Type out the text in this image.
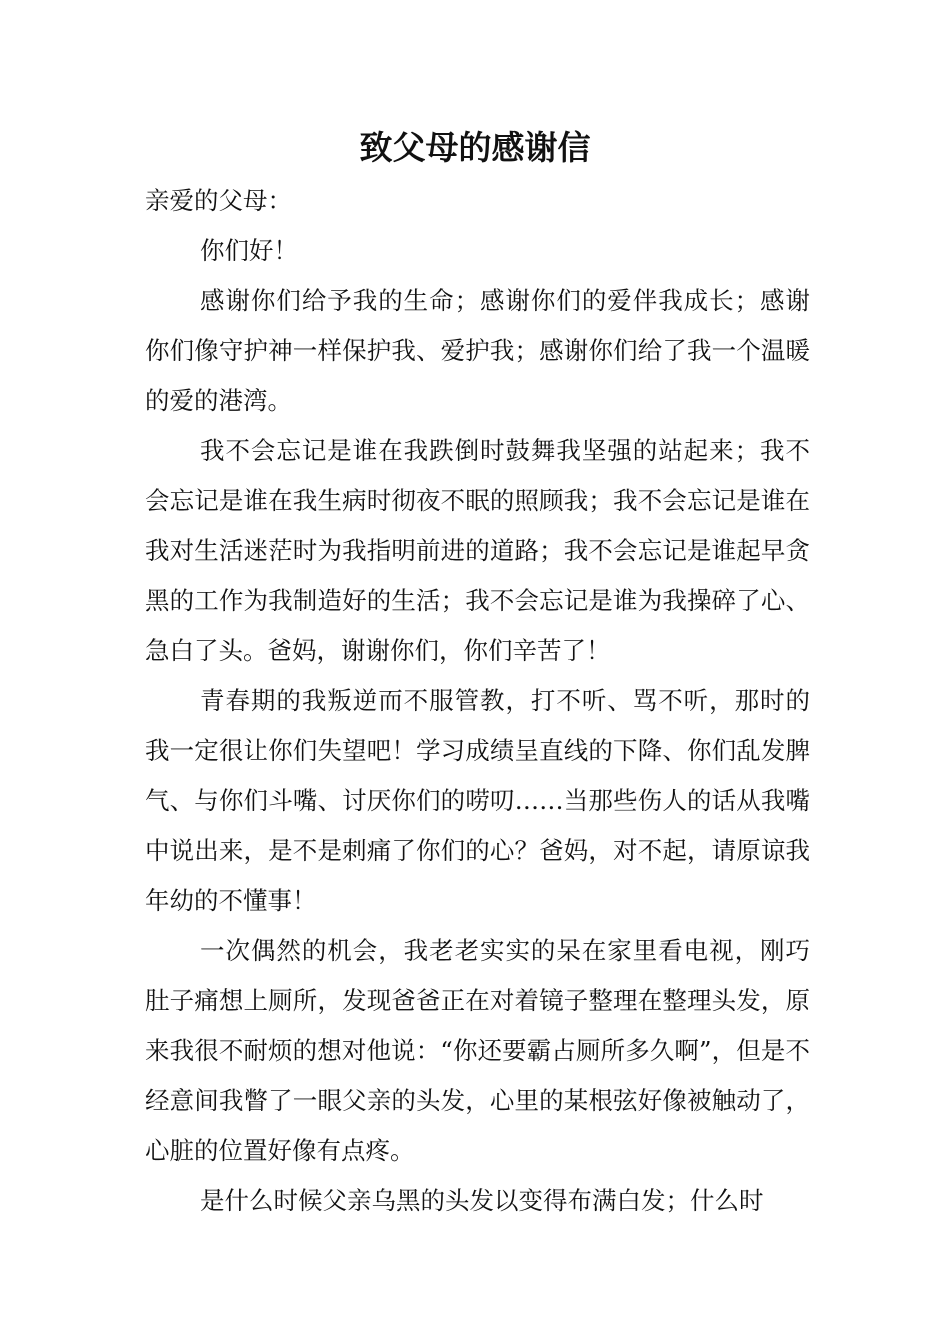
致父母的感谢信

亲爱的父母：

你们好！

感谢你们给予我的生命；感谢你们的爱伴我成长；感谢你们像守护神一样保护我、爱护我；感谢你们给了我一个温暖的爱的港湾。

我不会忘记是谁在我跌倒时鼓舞我坚强的站起来；我不会忘记是谁在我生病时彻夜不眠的照顾我；我不会忘记是谁在我对生活迷茫时为我指明前进的道路；我不会忘记是谁起早贪黑的工作为我制造好的生活；我不会忘记是谁为我操碎了心、急白了头。爸妈，谢谢你们，你们辛苦了！

青春期的我叛逆而不服管教，打不听、骂不听，那时的我一定很让你们失望吧！学习成绩呈直线的下降、你们乱发脾气、与你们斗嘴、讨厌你们的唠叨……当那些伤人的话从我嘴中说出来，是不是刺痛了你们的心？爸妈，对不起，请原谅我年幼的不懂事！

一次偶然的机会，我老老实实的呆在家里看电视，刚巧肚子痛想上厕所，发现爸爸正在对着镜子整理在整理头发，原来我很不耐烦的想对他说：“你还要霸占厕所多久啊”，但是不经意间我瞥了一眼父亲的头发，心里的某根弦好像被触动了，心脏的位置好像有点疼。

是什么时候父亲乌黑的头发以变得布满白发；什么时
